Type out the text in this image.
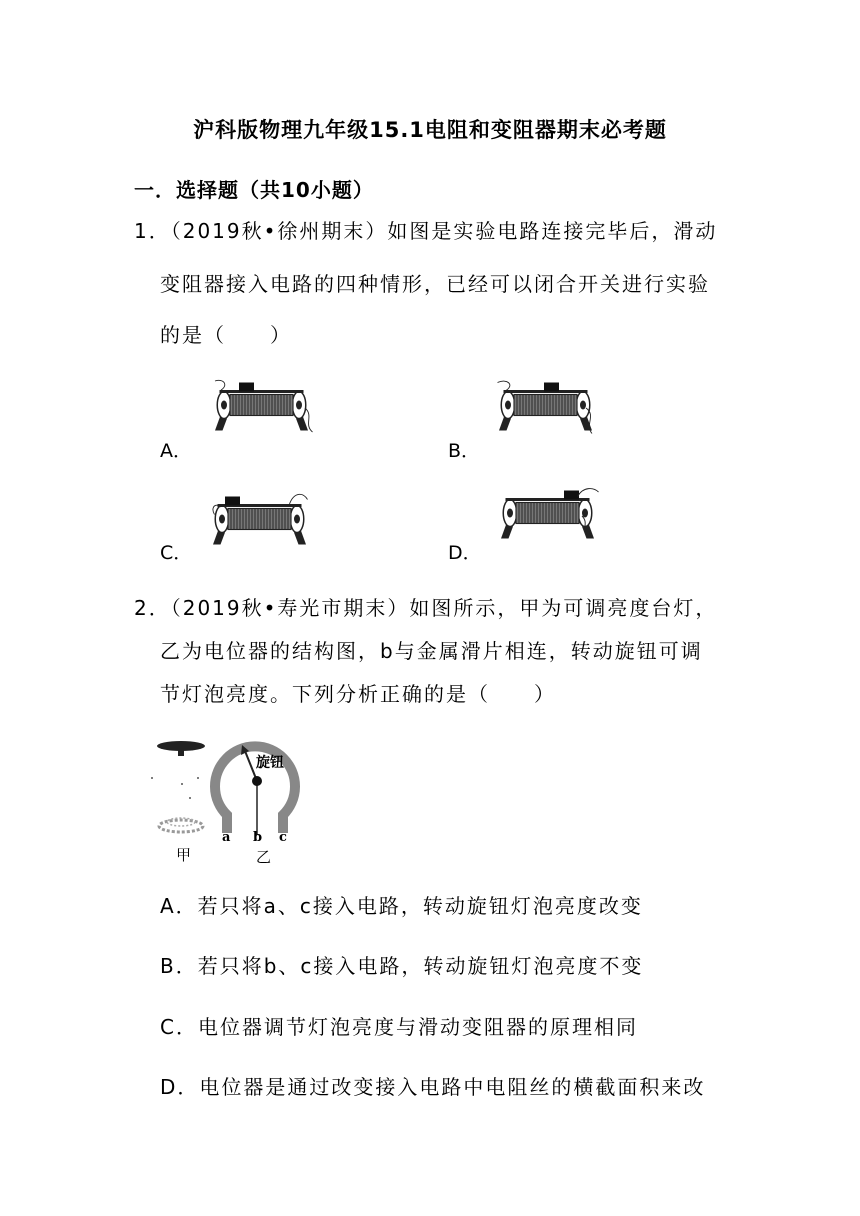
沪科版物理九年级15.1电阻和变阻器期末必考题
一．选择题（共10小题）
1．（2019秋•徐州期末）如图是实验电路连接完毕后，滑动
变阻器接入电路的四种情形，已经可以闭合开关进行实验
的是（　　）
A．	B．
C．	D．
2．（2019秋•寿光市期末）如图所示，甲为可调亮度台灯，
乙为电位器的结构图，b与金属滑片相连，转动旋钮可调
节灯泡亮度。下列分析正确的是（　　）
甲
旋钮
a b c
乙
A．若只将a、c接入电路，转动旋钮灯泡亮度改变
B．若只将b、c接入电路，转动旋钮灯泡亮度不变
C．电位器调节灯泡亮度与滑动变阻器的原理相同
D．电位器是通过改变接入电路中电阻丝的横截面积来改
